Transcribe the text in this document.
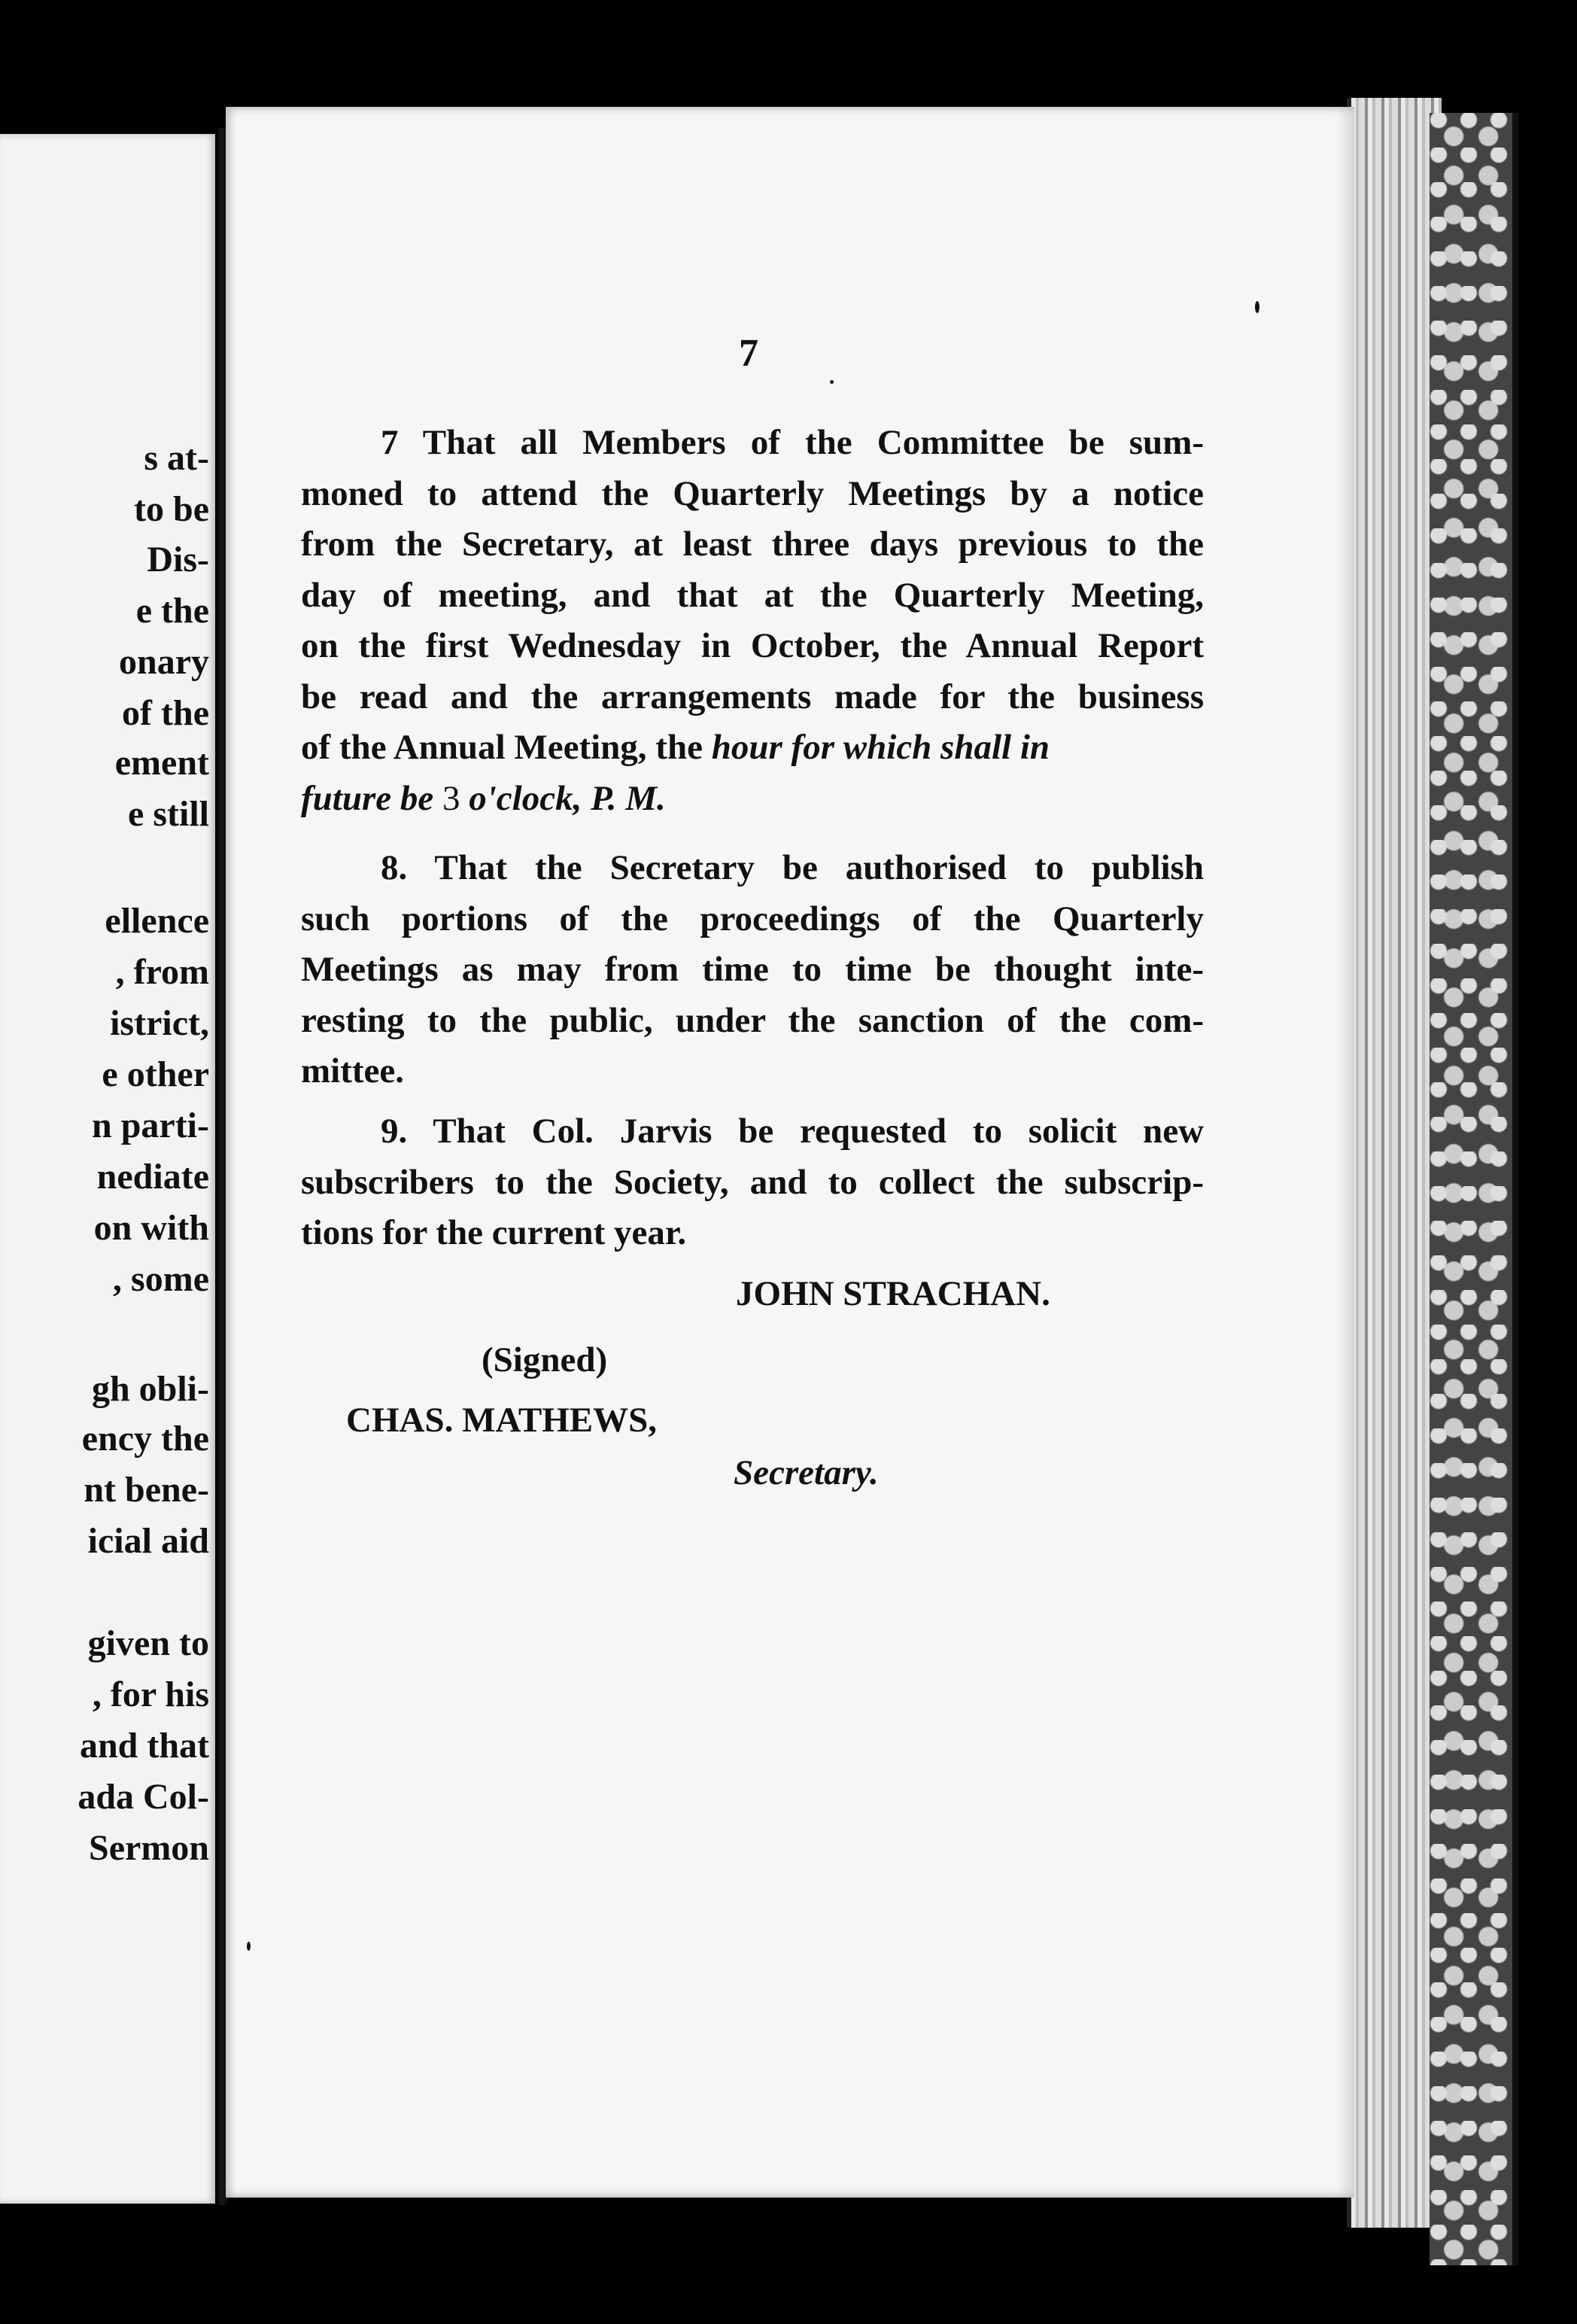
s at-
to be
Dis-
e the
onary
of the
ement
e still
ellence
, from
istrict,
e other
n parti-
nediate
on with
, some
gh obli-
ency the
nt bene-
icial aid
given to
, for his
and that
ada Col-
Sermon
7

7 That all Members of the Committee be sum-
moned to attend the Quarterly Meetings by a notice
from the Secretary, at least three days previous to the
day of meeting, and that at the Quarterly Meeting,
on the first Wednesday in October, the Annual Report
be read and the arrangements made for the business
of the Annual Meeting, the hour for which shall in
future be 3 o'clock, P. M.

8. That the Secretary be authorised to publish
such portions of the proceedings of the Quarterly
Meetings as may from time to time be thought inte-
resting to the public, under the sanction of the com-
mittee.

9. That Col. Jarvis be requested to solicit new
subscribers to the Society, and to collect the subscrip-
tions for the current year.

JOHN STRACHAN.
(Signed)
CHAS. MATHEWS,
Secretary.
